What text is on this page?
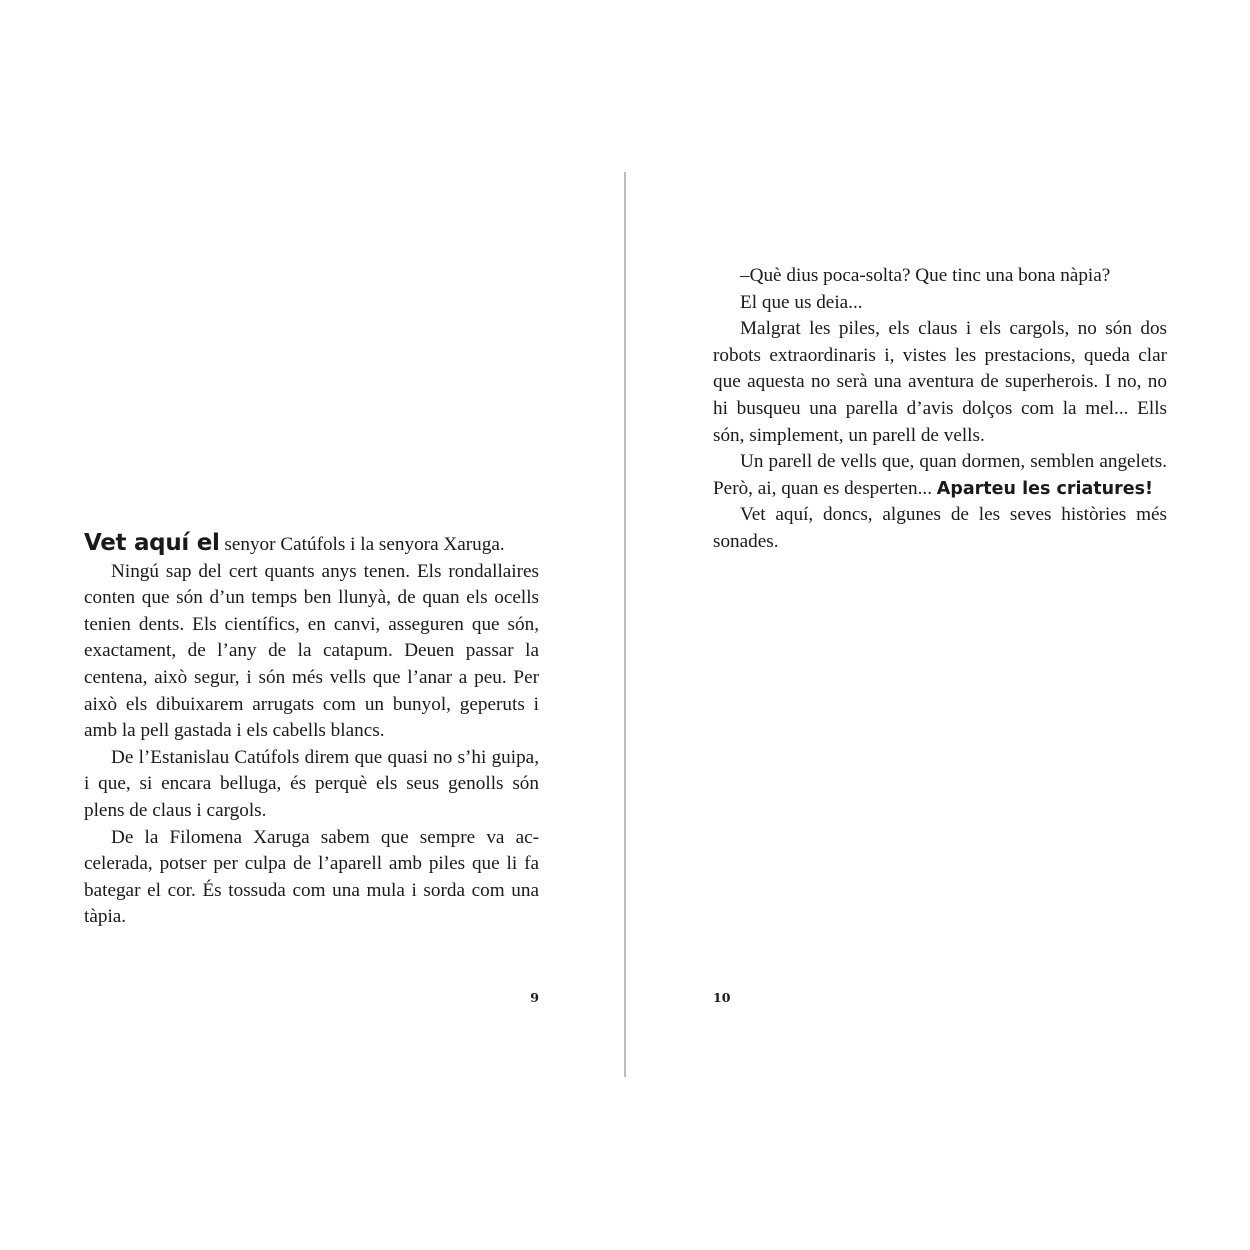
Vet aquí el senyor Catúfols i la senyora Xaruga.

Ningú sap del cert quants anys tenen. Els rondallaires conten que són d’un temps ben llunyà, de quan els ocells tenien dents. Els científics, en canvi, asseguren que són, exactament, de l’any de la catapum. Deuen passar la centena, això segur, i són més vells que l’anar a peu. Per això els dibuixarem arrugats com un bunyol, geperuts i amb la pell gastada i els cabells blancs.

De l’Estanislau Catúfols direm que quasi no s’hi guipa, i que, si encara belluga, és perquè els seus genolls són plens de claus i cargols.

De la Filomena Xaruga sabem que sempre va accelerada, potser per culpa de l’aparell amb piles que li fa bategar el cor. És tossuda com una mula i sorda com una tàpia.

9

–Què dius poca-solta? Que tinc una bona nàpia?

El que us deia...

Malgrat les piles, els claus i els cargols, no són dos robots extraordinaris i, vistes les prestacions, queda clar que aquesta no serà una aventura de superherois. I no, no hi busqueu una parella d’avis dolços com la mel... Ells són, simplement, un parell de vells.

Un parell de vells que, quan dormen, semblen angelets. Però, ai, quan es desperten... Aparteu les criatures!

Vet aquí, doncs, algunes de les seves històries més sonades.

10
